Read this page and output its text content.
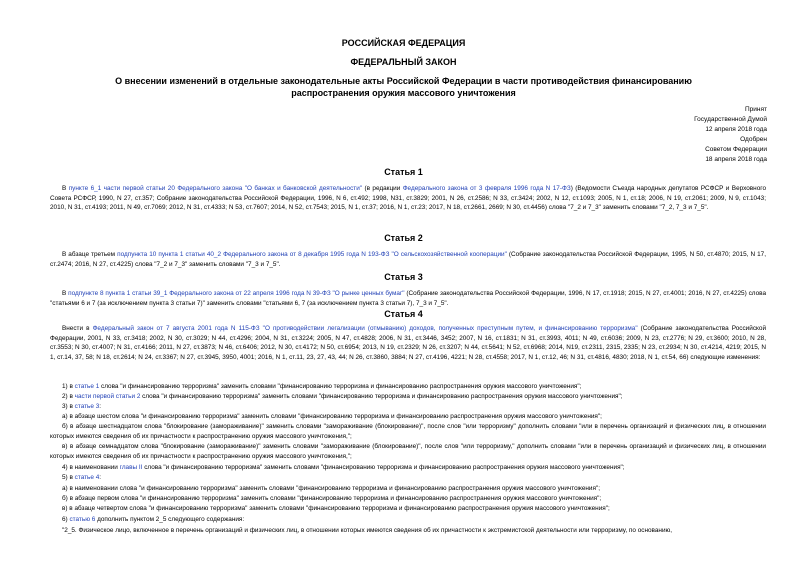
РОССИЙСКАЯ ФЕДЕРАЦИЯ
ФЕДЕРАЛЬНЫЙ ЗАКОН
О внесении изменений в отдельные законодательные акты Российской Федерации в части противодействия финансированию распространения оружия массового уничтожения
Принят
Государственной Думой
12 апреля 2018 года
Одобрен
Советом Федерации
18 апреля 2018 года
Статья 1
В пункте 6_1 части первой статьи 20 Федерального закона "О банках и банковской деятельности" (в редакции Федерального закона от 3 февраля 1996 года N 17-ФЗ) (Ведомости Съезда народных депутатов РСФСР и Верховного Совета РСФСР, 1990, N 27, ст.357; Собрание законодательства Российской Федерации, 1996, N 6, ст.492; 1998, N31, ст.3829; 2001, N 26, ст.2586; N 33, ст.3424; 2002, N 12, ст.1093; 2005, N 1, ст.18; 2006, N 19, ст.2061; 2009, N 9, ст.1043; 2010, N 31, ст.4193; 2011, N 49, ст.7069; 2012, N 31, ст.4333; N 53, ст.7607; 2014, N 52, ст.7543; 2015, N 1, ст.37; 2016, N 1, ст.23; 2017, N 18, ст.2661, 2669; N 30, ст.4456) слова "7_2 и 7_3" заменить словами "7_2, 7_3 и 7_5".
Статья 2
В абзаце третьем подпункта 10 пункта 1 статьи 40_2 Федерального закона от 8 декабря 1995 года N 193-ФЗ "О сельскохозяйственной кооперации" (Собрание законодательства Российской Федерации, 1995, N 50, ст.4870; 2015, N 17, ст.2474; 2016, N 27, ст.4225) слова "7_2 и 7_3" заменить словами "7_3 и 7_5".
Статья 3
В подпункте 8 пункта 1 статьи 39_1 Федерального закона от 22 апреля 1996 года N 39-ФЗ "О рынке ценных бумаг" (Собрание законодательства Российской Федерации, 1996, N 17, ст.1918; 2015, N 27, ст.4001; 2016, N 27, ст.4225) слова "статьями 6 и 7 (за исключением пункта 3 статьи 7)" заменить словами "статьями 6, 7 (за исключением пункта 3 статьи 7), 7_3 и 7_5".
Статья 4
Внести в Федеральный закон от 7 августа 2001 года N 115-ФЗ "О противодействии легализации (отмыванию) доходов, полученных преступным путем, и финансированию терроризма" (Собрание законодательства Российской Федерации, 2001, N 33, ст.3418; 2002, N 30, ст.3029; N 44, ст.4296; 2004, N 31, ст.3224; 2005, N 47, ст.4828; 2006, N 31, ст.3446, 3452; 2007, N 16, ст.1831; N 31, ст.3993, 4011; N 49, ст.6036; 2009, N 23, ст.2776; N 29, ст.3600; 2010, N 28, ст.3553; N 30, ст.4007; N 31, ст.4166; 2011, N 27, ст.3873; N 46, ст.6406; 2012, N 30, ст.4172; N 50, ст.6954; 2013, N 19, ст.2329; N 26, ст.3207; N 44, ст.5641; N 52, ст.6968; 2014, N19, ст.2311, 2315, 2335; N 23, ст.2934; N 30, ст.4214, 4219; 2015, N 1, ст.14, 37, 58; N 18, ст.2614; N 24, ст.3367; N 27, ст.3945, 3950, 4001; 2016, N 1, ст.11, 23, 27, 43, 44; N 26, ст.3860, 3884; N 27, ст.4196, 4221; N 28, ст.4558; 2017, N 1, ст.12, 46; N 31, ст.4816, 4830; 2018, N 1, ст.54, 66) следующие изменения:
1) в статье 1 слова "и финансированию терроризма" заменить словами "финансированию терроризма и финансированию распространения оружия массового уничтожения";
2) в части первой статьи 2 слова "и финансированию терроризма" заменить словами "финансированию терроризма и финансированию распространения оружия массового уничтожения";
3) в статье 3:
а) в абзаце шестом слова "и финансированию терроризма" заменить словами "финансированию терроризма и финансированию распространения оружия массового уничтожения";
б) в абзаце шестнадцатом слова "блокирование (замораживание)" заменить словами "замораживание (блокирование)", после слов "или терроризму" дополнить словами "или в перечень организаций и физических лиц, в отношении которых имеются сведения об их причастности к распространению оружия массового уничтожения,";
в) в абзаце семнадцатом слова "блокирование (замораживание)" заменить словами "замораживание (блокирование)", после слов "или терроризму," дополнить словами "или в перечень организаций и физических лиц, в отношении которых имеются сведения об их причастности к распространению оружия массового уничтожения,";
4) в наименовании главы II слова "и финансированию терроризма" заменить словами "финансированию терроризма и финансированию распространения оружия массового уничтожения";
5) в статье 4:
а) в наименовании слова "и финансированию терроризма" заменить словами "финансированию терроризма и финансированию распространения оружия массового уничтожения";
б) в абзаце первом слова "и финансированию терроризма" заменить словами "финансированию терроризма и финансированию распространения оружия массового уничтожения";
в) в абзаце четвертом слова "и финансированию терроризма" заменить словами "финансированию терроризма и финансированию распространения оружия массового уничтожения";
6) статью 6 дополнить пунктом 2_5 следующего содержания:
"2_5. Физическое лицо, включенное в перечень организаций и физических лиц, в отношении которых имеются сведения об их причастности к экстремистской деятельности или терроризму, по основанию,
